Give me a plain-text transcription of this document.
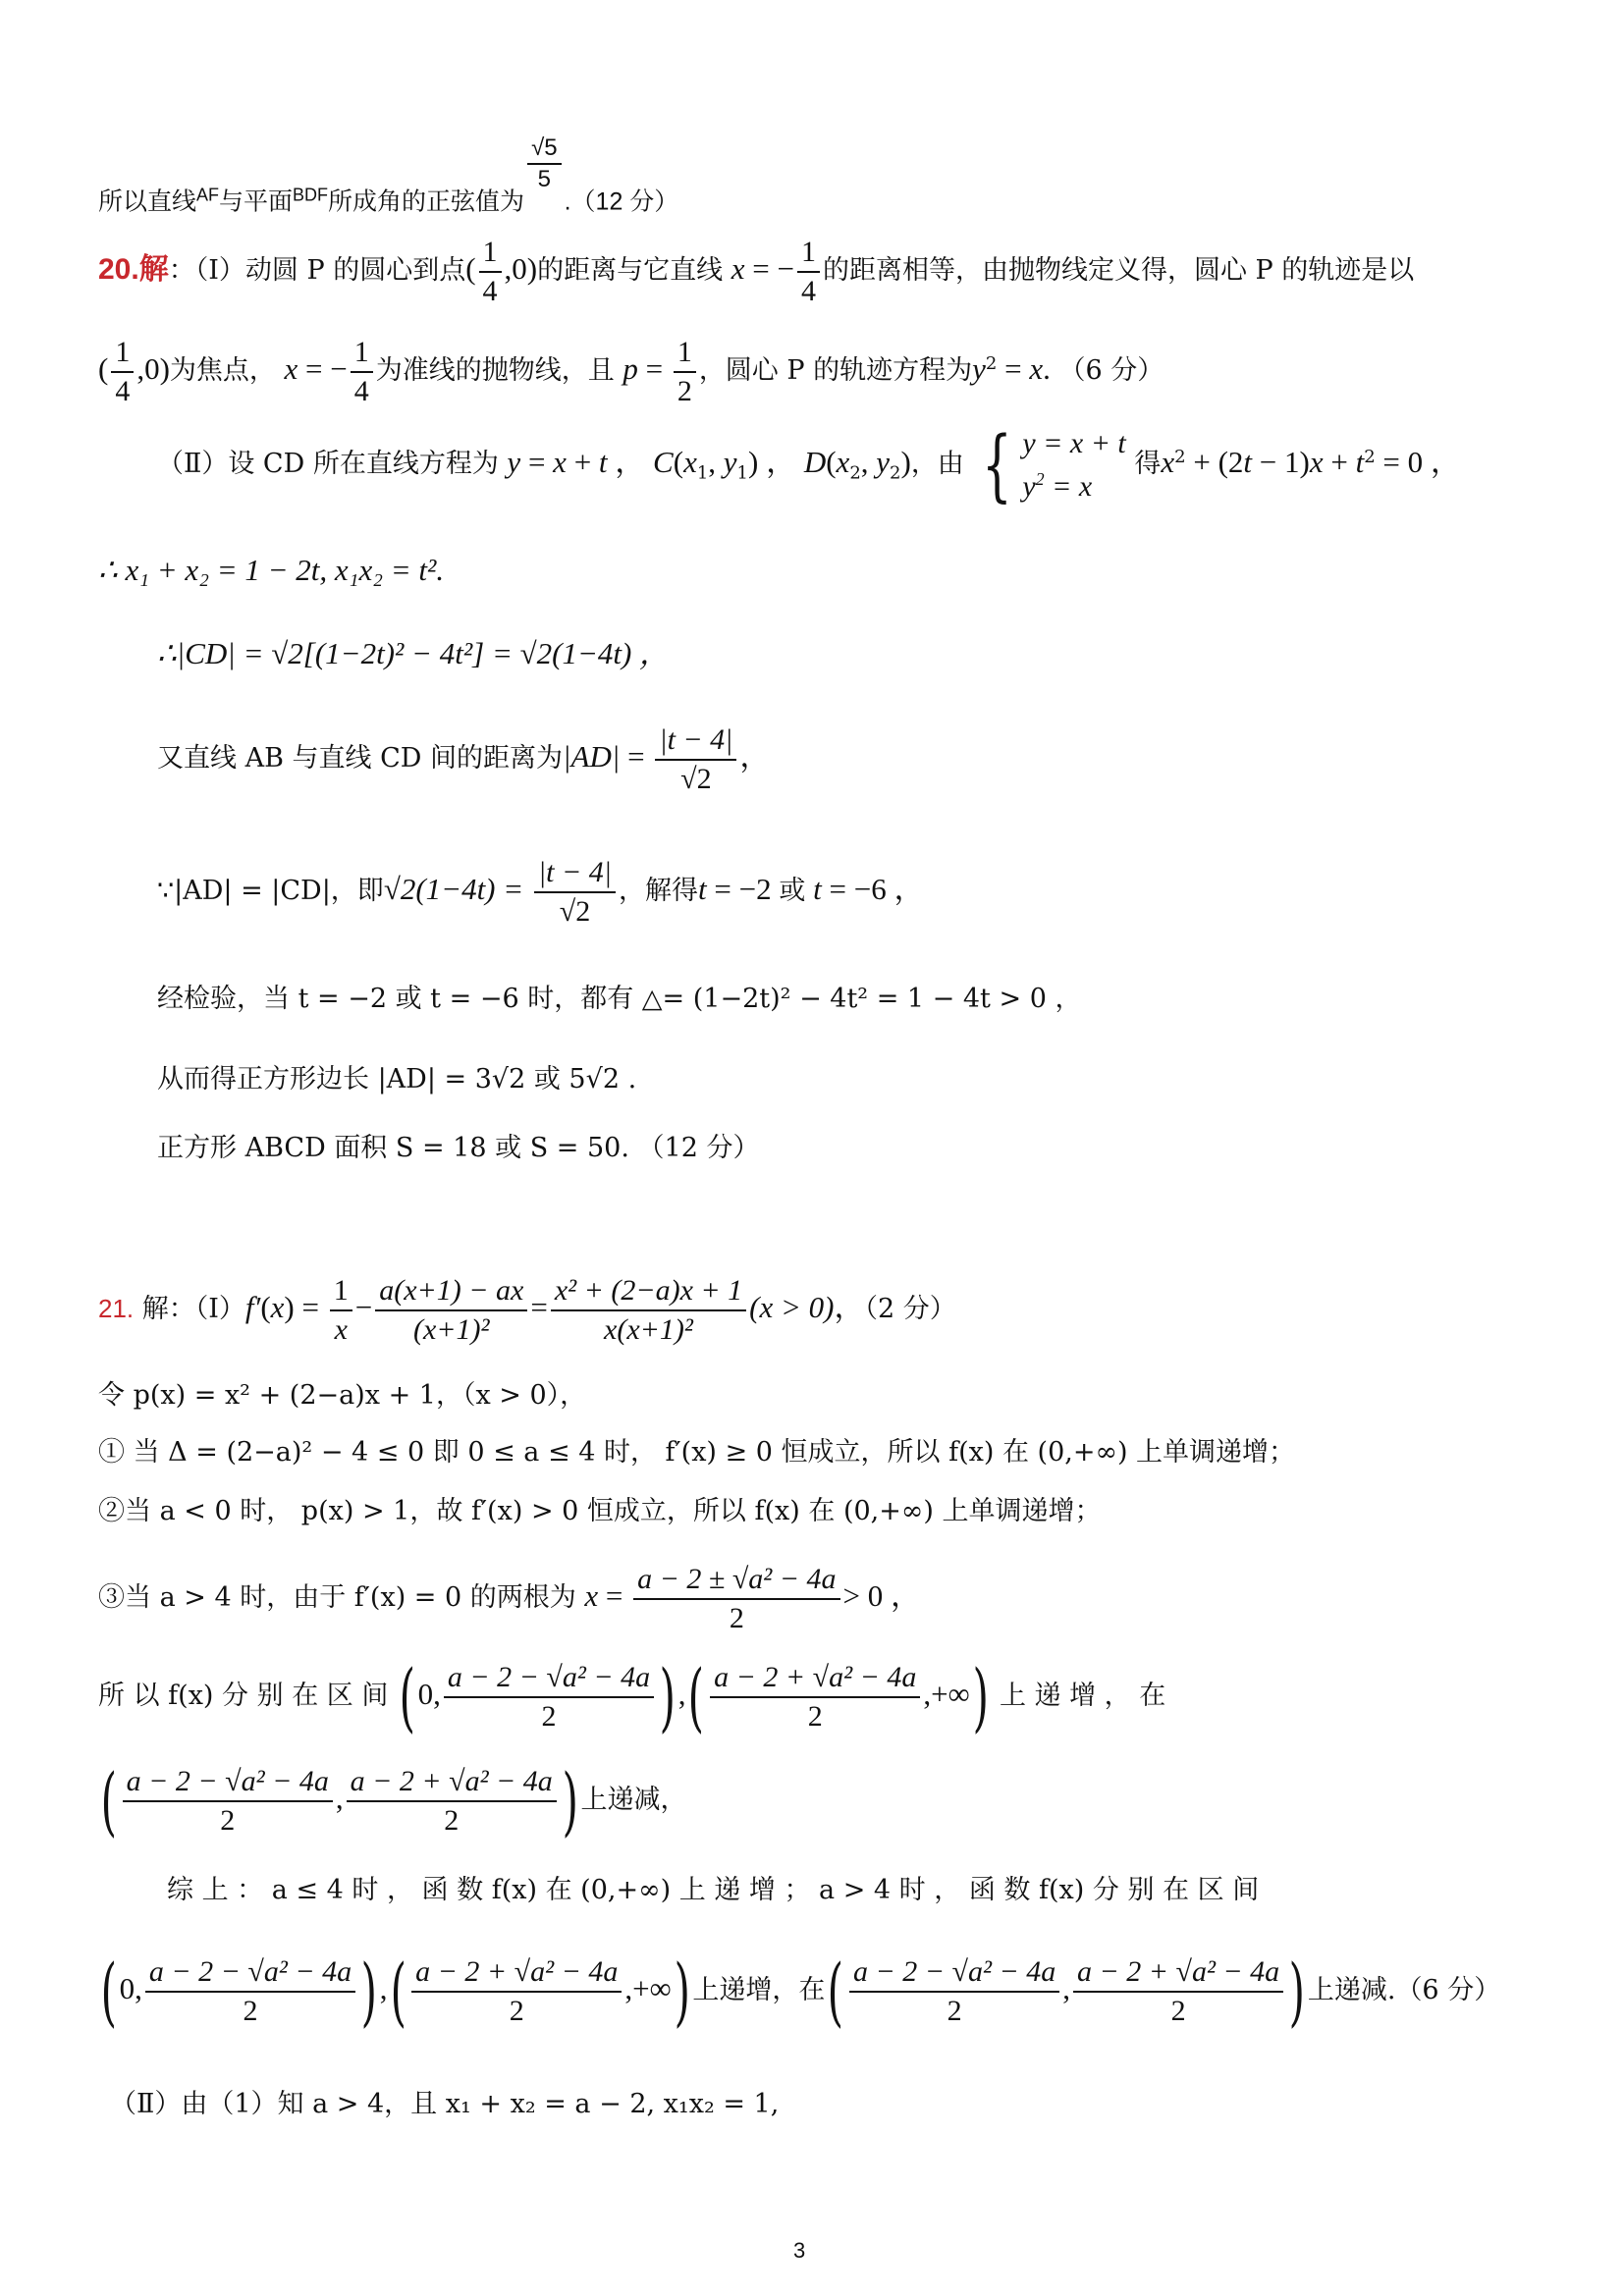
所以直线$^{AF}$与平面$^{BDF}$所成角的正弦值为
$\frac{√5}{5}$
.（12 分）
20.解：（Ⅰ）动圆 P 的圆心到点( $\frac{1}{4} ,0$)的距离与它直线 x = − $\frac{1}{4}$ 的距离相等，由抛物线定义得，圆心 P 的轨迹是以
( $\frac{1}{4} ,0$)为焦点， x = − $\frac{1}{4}$ 为准线的抛物线，且 $p = \frac{1}{2}$ ，圆心 P 的轨迹方程为$y^2 = x$. （6 分）
（Ⅱ）设 CD 所在直线方程为 y = x + t ， $C(x_1$, $y_1$) ， $D(x_2$, $y_2$)，由 { y = x + t
$y^2 = x$ 得$x^2 + (2t - 1)x + t^2 = 0$ ，
∴ x₁ + x₂ = 1 − 2t, x₁x₂ = t².
∴|CD| = √2[(1−2t)² − 4t²] = √2(1−4t) ，
又直线 AB 与直线 CD 间的距离为$|AD| = \frac{|t - 4|}{√2}$ ，
∵|AD| = |CD|，即$√2(1-4t) = \frac{|t - 4|}{√2}$ ，解得t = −2 或 t = −6 ，
经检验，当 t = −2 或 t = −6 时，都有 △= (1−2t)² − 4t² = 1 − 4t > 0 ，
从而得正方形边长 |AD| = 3√2 或 5√2 .
正方形 ABCD 面积 S = 18 或 S = 50. （12 分）
21. 解：（Ⅰ）f′(x) = $\frac{1}{x} - \frac{a(x+1) - ax}{\text{(x+1)²}} = \frac{\text{x² + (2−a)x + 1}}{\text{x(x+1)²}} (x > 0)$，（2 分）
令 p(x) = x² + (2−a)x + 1，（x > 0），
① 当 Δ = (2−a)² − 4 ≤ 0 即 0 ≤ a ≤ 4 时， f′(x) ≥ 0 恒成立，所以 f(x) 在 (0,+∞) 上单调递增；
②当 a < 0 时， p(x) > 1，故 f′(x) > 0 恒成立，所以 f(x) 在 (0,+∞) 上单调递增；
③当 a > 4 时，由于 f′(x) = 0 的两根为 $x = \frac{\text{a − 2 ± √a² − 4a}}{2} > 0$ ，
所 以 f(x) 分 别 在 区 间 (0, $\frac{\text{a − 2 − √a² − 4a}}{2}$ ),( $\frac{\text{a − 2 + √a² − 4a}}{2}$ ,+∞) 上 递 增 ， 在
( $\frac{\text{a − 2 − √a² − 4a}}{2}$ , $\frac{\text{a − 2 + √a² − 4a}}{2}$ )上递减，
综 上 ： a ≤ 4 时 ， 函 数 f(x) 在 (0,+∞) 上 递 增 ； a > 4 时 ， 函 数 f(x) 分 别 在 区 间
(0, $\frac{\text{a − 2 − √a² − 4a}}{2}$ ),( $\frac{\text{a − 2 + √a² − 4a}}{2}$ ,+∞)上递增，在( $\frac{\text{a − 2 − √a² − 4a}}{2}$ , $\frac{\text{a − 2 + √a² − 4a}}{2}$ )上递减.（6 分）
（Ⅱ）由（1）知 a > 4，且 x₁ + x₂ = a − 2, x₁x₂ = 1,
3
